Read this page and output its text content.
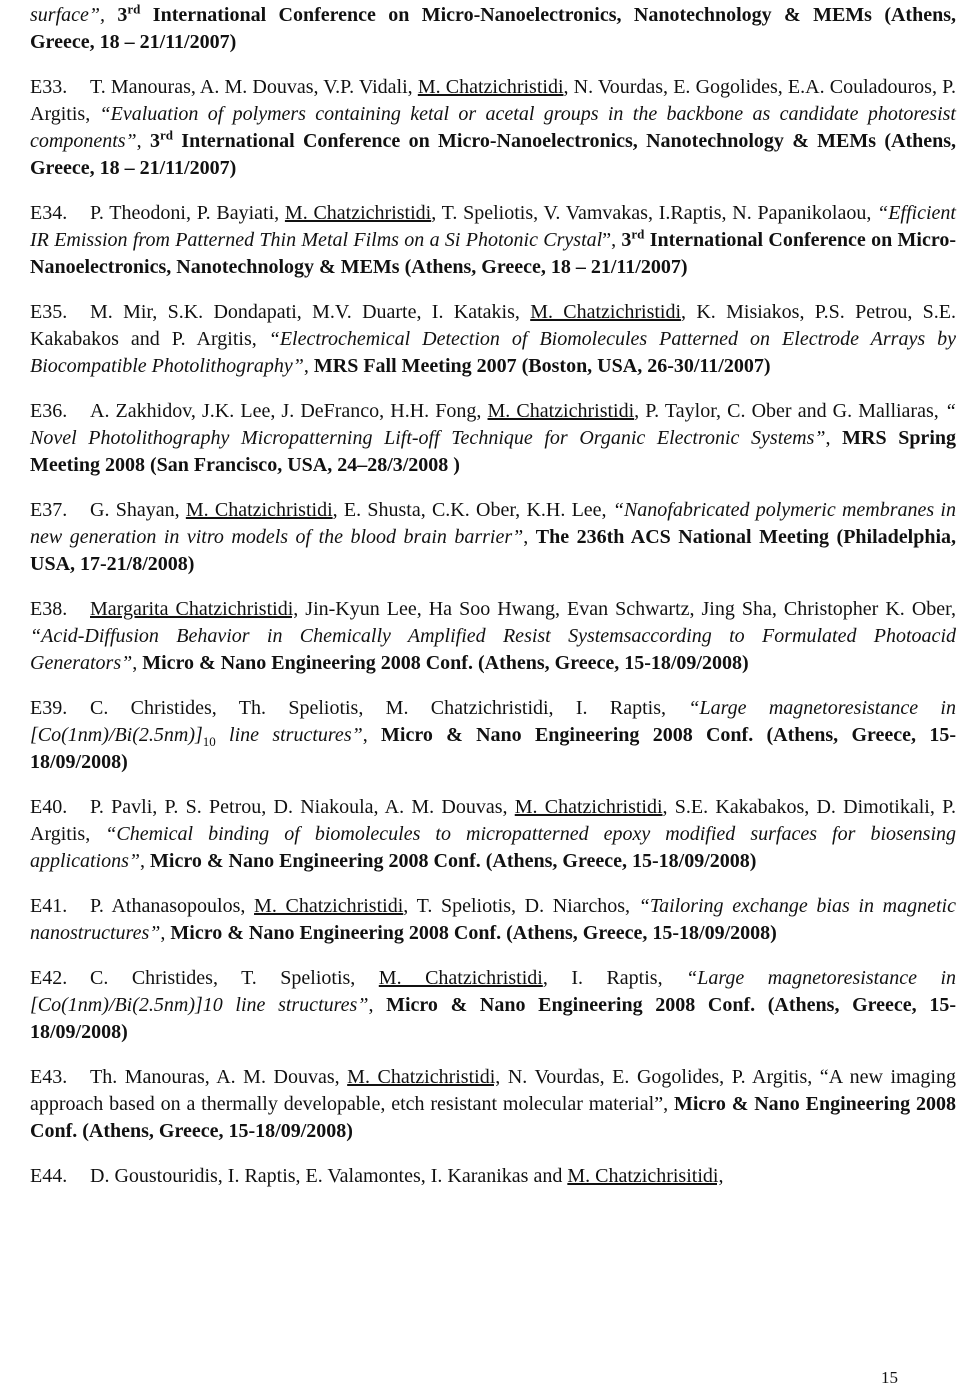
surface”, 3rd International Conference on Micro-Nanoelectronics, Nanotechnology & MEMs (Athens, Greece, 18 – 21/11/2007)

E33. T. Manouras, A. M. Douvas, V.P. Vidali, M. Chatzichristidi, N. Vourdas, E. Gogolides, E.A. Couladouros, P. Argitis, “Evaluation of polymers containing ketal or acetal groups in the backbone as candidate photoresist components”, 3rd International Conference on Micro-Nanoelectronics, Nanotechnology & MEMs (Athens, Greece, 18 – 21/11/2007)

E34. P. Theodoni, P. Bayiati, M. Chatzichristidi, T. Speliotis, V. Vamvakas, I.Raptis, N. Papanikolaou, “Efficient IR Emission from Patterned Thin Metal Films on a Si Photonic Crystal”, 3rd International Conference on Micro-Nanoelectronics, Nanotechnology & MEMs (Athens, Greece, 18 – 21/11/2007)

E35. M. Mir, S.K. Dondapati, M.V. Duarte, I. Katakis, M. Chatzichristidi, K. Misiakos, P.S. Petrou, S.E. Kakabakos and P. Argitis, “Electrochemical Detection of Biomolecules Patterned on Electrode Arrays by Biocompatible Photolithography”, MRS Fall Meeting 2007 (Boston, USA, 26-30/11/2007)

E36. A. Zakhidov, J.K. Lee, J. DeFranco, H.H. Fong, M. Chatzichristidi, P. Taylor, C. Ober and G. Malliaras, “ Novel Photolithography Micropatterning Lift-off Technique for Organic Electronic Systems”, MRS Spring Meeting 2008 (San Francisco, USA, 24–28/3/2008 )

E37. G. Shayan, M. Chatzichristidi, E. Shusta, C.K. Ober, K.H. Lee, “Nanofabricated polymeric membranes in new generation in vitro models of the blood brain barrier”, The 236th ACS National Meeting (Philadelphia, USA, 17-21/8/2008)

E38. Margarita Chatzichristidi, Jin-Kyun Lee, Ha Soo Hwang, Evan Schwartz, Jing Sha, Christopher K. Ober, “Acid-Diffusion Behavior in Chemically Amplified Resist Systemsaccording to Formulated Photoacid Generators”, Micro & Nano Engineering 2008 Conf. (Athens, Greece, 15-18/09/2008)

E39. C. Christides, Th. Speliotis, M. Chatzichristidi, I. Raptis, “Large magnetoresistance in $[Co(1nm)/Bi(2.5nm)]_{10}$ line structures”, Micro & Nano Engineering 2008 Conf. (Athens, Greece, 15-18/09/2008)

E40. P. Pavli, P. S. Petrou, D. Niakoula, A. M. Douvas, M. Chatzichristidi, S.E. Kakabakos, D. Dimotikali, P. Argitis, “Chemical binding of biomolecules to micropatterned epoxy modified surfaces for biosensing applications”, Micro & Nano Engineering 2008 Conf. (Athens, Greece, 15-18/09/2008)

E41. P. Athanasopoulos, M. Chatzichristidi, T. Speliotis, D. Niarchos, “Tailoring exchange bias in magnetic nanostructures”, Micro & Nano Engineering 2008 Conf. (Athens, Greece, 15-18/09/2008)

E42. C. Christides, T. Speliotis, M. Chatzichristidi, I. Raptis, “Large magnetoresistance in [Co(1nm)/Bi(2.5nm)]10 line structures”, Micro & Nano Engineering 2008 Conf. (Athens, Greece, 15-18/09/2008)

E43. Th. Manouras, A. M. Douvas, M. Chatzichristidi, N. Vourdas, E. Gogolides, P. Argitis, “A new imaging approach based on a thermally developable, etch resistant molecular material”, Micro & Nano Engineering 2008 Conf. (Athens, Greece, 15-18/09/2008)

E44. D. Goustouridis, I. Raptis, E. Valamontes, I. Karanikas and M. Chatzichrisitidi,

15
